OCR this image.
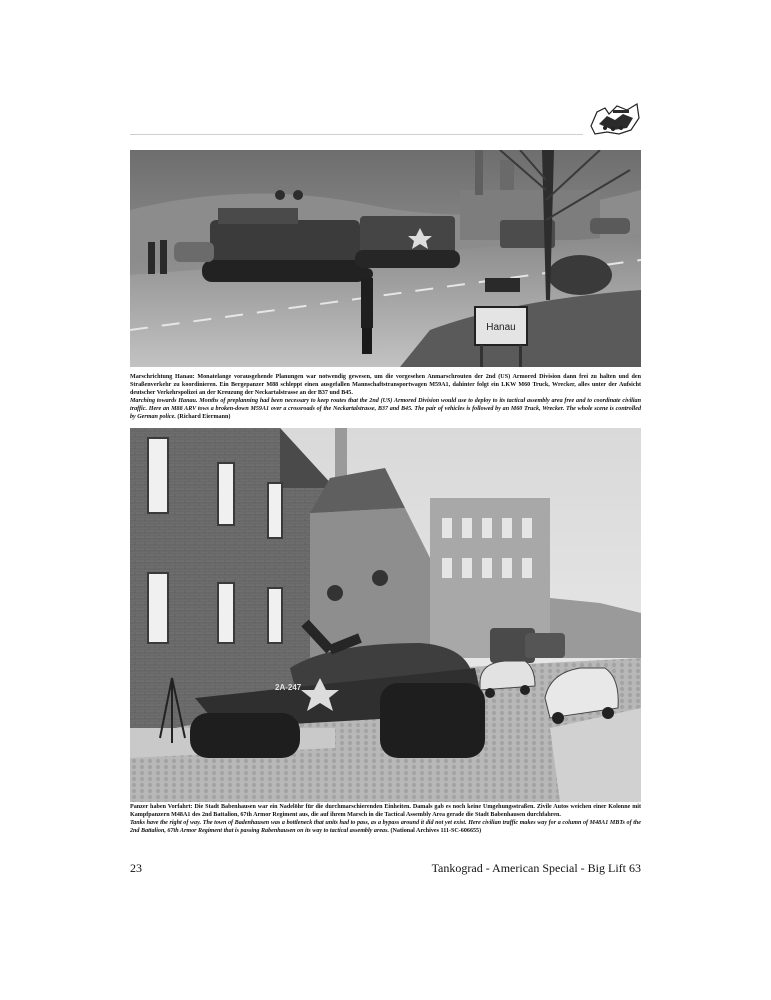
Hanau

Marschrichtung Hanau: Monatelange vorausgehende Planungen war notwendig gewesen, um die vorgesehen Anmarschrouten der 2nd (US) Armored Division dann frei zu halten und den Straßenverkehr zu koordinieren. Ein Bergepanzer M88 schleppt einen ausgefallen Mannschaftstransportwagen M59A1, dahinter folgt ein LKW M60 Truck, Wrecker, alles unter der Aufsicht deutscher Verkehrspolizei an der Kreuzung der Neckartalstrasse an der B37 und B45.

Marching towards Hanau. Months of preplanning had been necessary to keep routes that the 2nd (US) Armored Division would use to deploy to its tactical assembly area free and to coordinate civilian traffic. Here an M88 ARV tows a broken-down M59A1 over a crossroads of the Neckartalstrasse, B37 and B45. The pair of vehicles is followed by an M60 Truck, Wrecker. The whole scene is controlled by German police. (Richard Eiermann)

2A-247

Panzer haben Vorfahrt: Die Stadt Babenhausen war ein Nadelöhr für die durchmarschierenden Einheiten. Damals gab es noch keine Umgehungsstraßen. Zivile Autos weichen einer Kolonne mit Kampfpanzern M48A1 des 2nd Battalion, 67th Armor Regiment aus, die auf ihrem Marsch in die Tactical Assembly Area gerade die Stadt Babenhausen durchfahren.

Tanks have the right of way. The town of Badenhausen was a bottleneck that units had to pass, as a bypass around it did not yet exist. Here civilian traffic makes way for a column of M48A1 MBTs of the 2nd Battalion, 67th Armor Regiment that is passing Rabenhausen on its way to tactical assembly areas. (National Archives 111-SC-606655)

23	Tankograd - American Special - Big Lift 63
